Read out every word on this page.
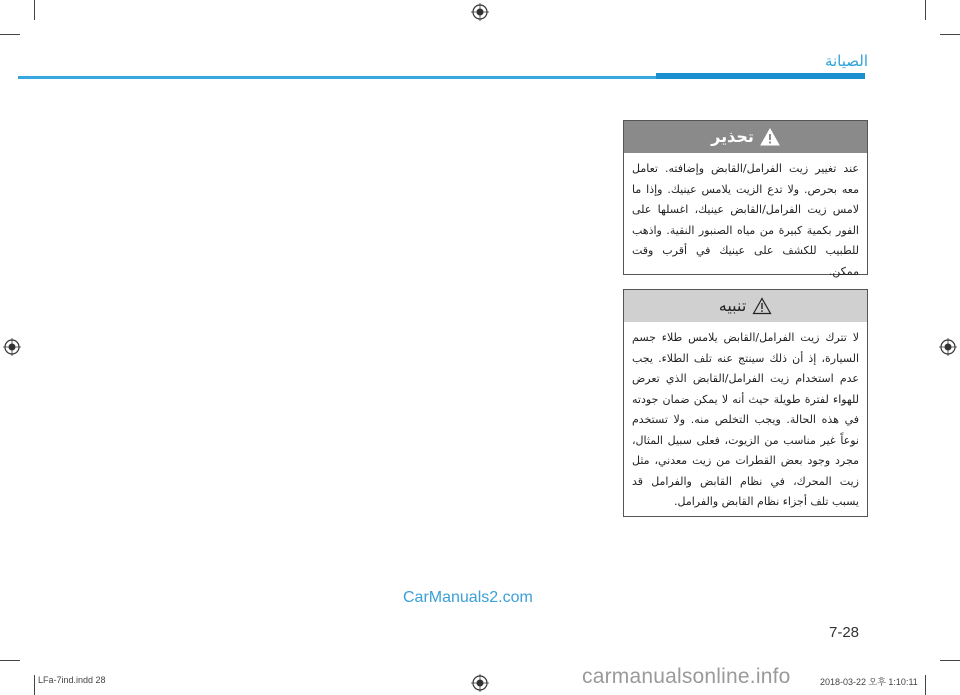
الصيانة
تحذير
عند تغيير زيت الفرامل/القابض وإضافته. تعامل معه بحرص. ولا تدع الزيت يلامس عينيك. وإذا ما لامس زيت الفرامل/القابض عينيك، اغسلها على الفور بكمية كبيرة من مياه الصنبور النقية. واذهب للطبيب للكشف على عينيك في أقرب وقت ممكن.
تنبيه
لا تترك زيت الفرامل/القابض يلامس طلاء جسم السيارة، إذ أن ذلك سينتج عنه تلف الطلاء. يجب عدم استخدام زيت الفرامل/القابض الذي تعرض للهواء لفترة طويلة حيث أنه لا يمكن ضمان جودته في هذه الحالة. ويجب التخلص منه. ولا تستخدم نوعاً غير مناسب من الزيوت، فعلى سبيل المثال، مجرد وجود بعض القطرات من زيت معدني، مثل زيت المحرك، في نظام القابض والفرامل قد يسبب تلف أجزاء نظام القابض والفرامل.
CarManuals2.com
7-28
LFa-7ind.indd 28	carmanualsonline.info	2018-03-22 오후 1:10:11
